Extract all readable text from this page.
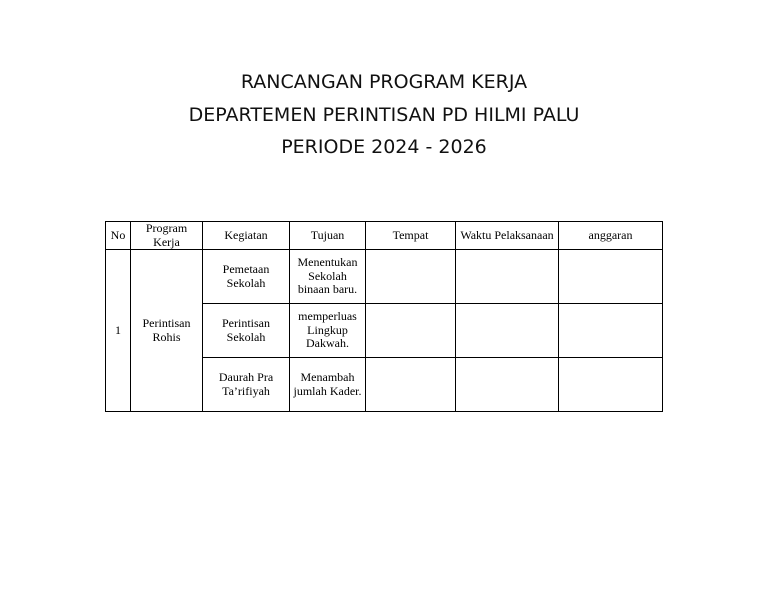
RANCANGAN PROGRAM KERJA
DEPARTEMEN PERINTISAN PD HILMI PALU
PERIODE 2024 - 2026
No	Program Kerja	Kegiatan	Tujuan	Tempat	Waktu Pelaksanaan	anggaran
1	Perintisan Rohis	Pemetaan Sekolah	Menentukan Sekolah binaan baru.			
		Perintisan Sekolah	memperluas Lingkup Dakwah.			
		Daurah Pra Ta’rifiyah	Menambah jumlah Kader.			
